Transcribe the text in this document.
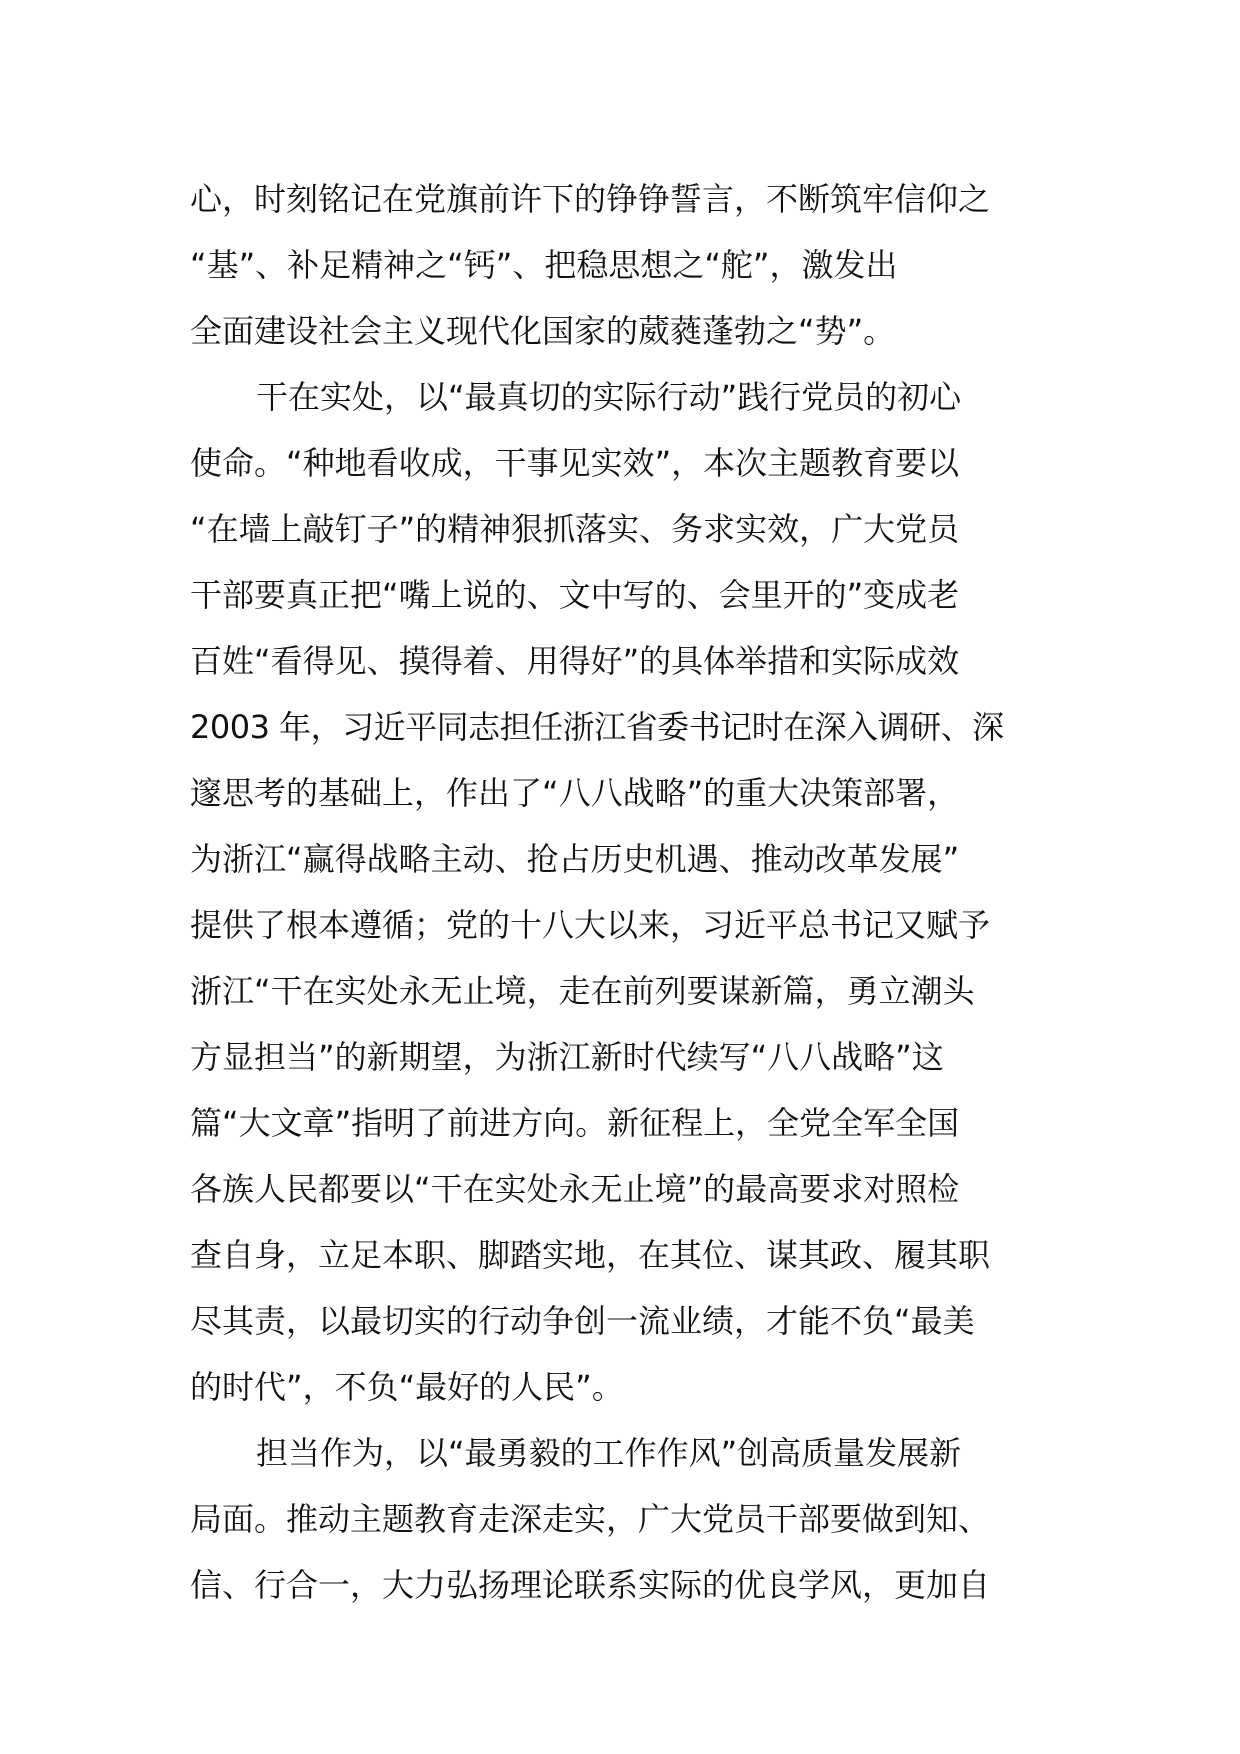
心，时刻铭记在党旗前许下的铮铮誓言，不断筑牢信仰之
“基”、补足精神之“钙”、把稳思想之“舵”，激发出
全面建设社会主义现代化国家的葳蕤蓬勃之“势”。
干在实处，以“最真切的实际行动”践行党员的初心
使命。“种地看收成，干事见实效”，本次主题教育要以
“在墙上敲钉子”的精神狠抓落实、务求实效，广大党员
干部要真正把“嘴上说的、文中写的、会里开的”变成老
百姓“看得见、摸得着、用得好”的具体举措和实际成效
2003 年，习近平同志担任浙江省委书记时在深入调研、深
邃思考的基础上，作出了“八八战略”的重大决策部署，
为浙江“赢得战略主动、抢占历史机遇、推动改革发展”
提供了根本遵循；党的十八大以来，习近平总书记又赋予
浙江“干在实处永无止境，走在前列要谋新篇，勇立潮头
方显担当”的新期望，为浙江新时代续写“八八战略”这
篇“大文章”指明了前进方向。新征程上，全党全军全国
各族人民都要以“干在实处永无止境”的最高要求对照检
查自身，立足本职、脚踏实地，在其位、谋其政、履其职
尽其责，以最切实的行动争创一流业绩，才能不负“最美
的时代”，不负“最好的人民”。
担当作为，以“最勇毅的工作作风”创高质量发展新
局面。推动主题教育走深走实，广大党员干部要做到知、
信、行合一，大力弘扬理论联系实际的优良学风，更加自
